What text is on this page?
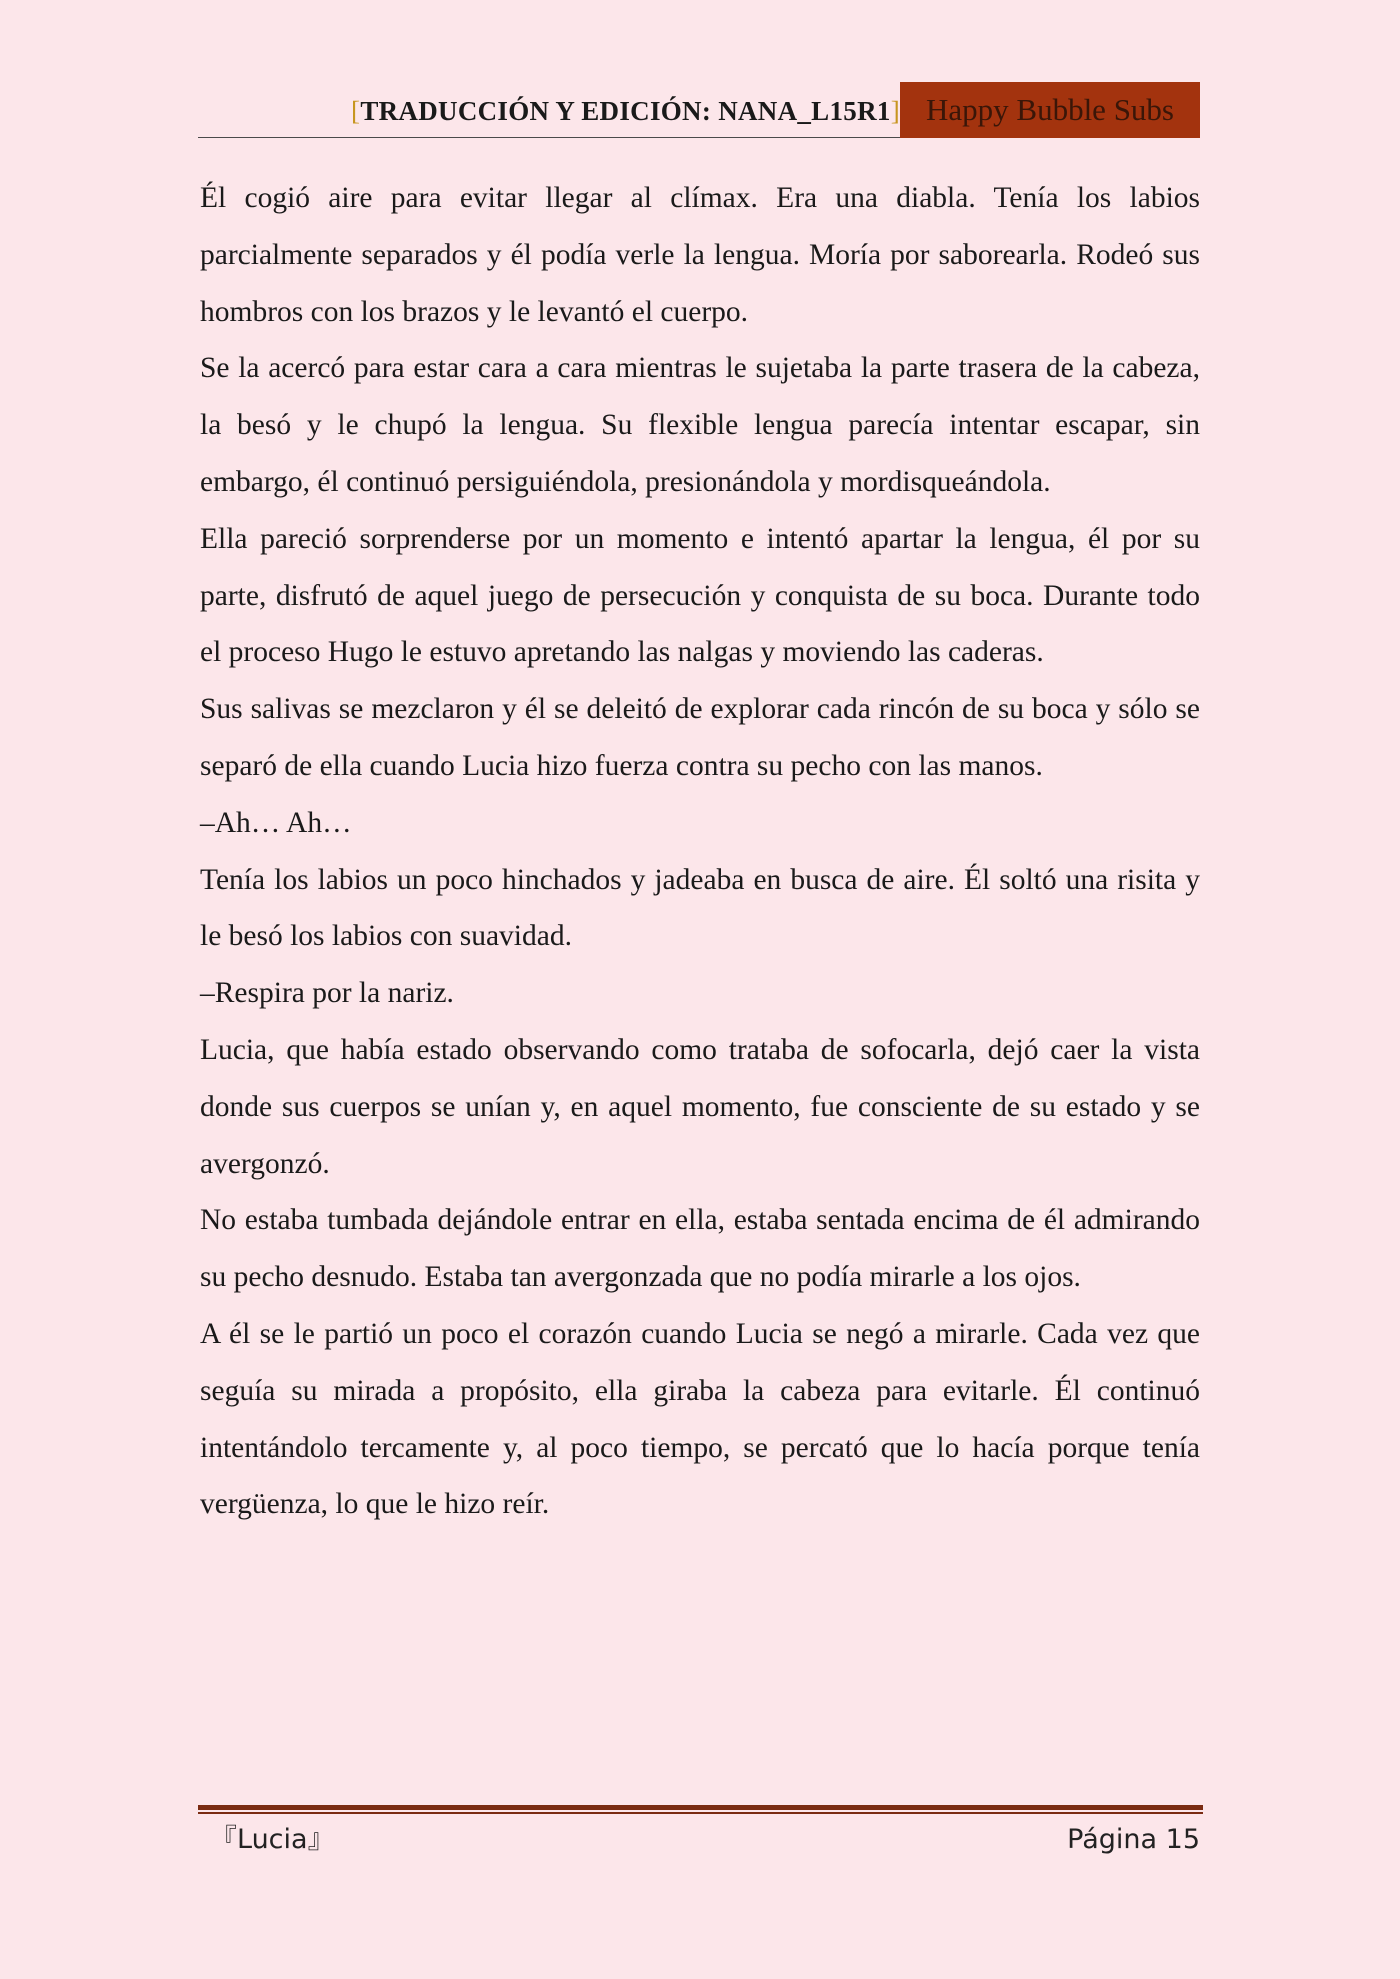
[TRADUCCIÓN Y EDICIÓN: NANA_L15R1] Happy Bubble Subs

Él cogió aire para evitar llegar al clímax. Era una diabla. Tenía los labios parcialmente separados y él podía verle la lengua. Moría por saborearla. Rodeó sus hombros con los brazos y le levantó el cuerpo.

Se la acercó para estar cara a cara mientras le sujetaba la parte trasera de la cabeza, la besó y le chupó la lengua. Su flexible lengua parecía intentar escapar, sin embargo, él continuó persiguiéndola, presionándola y mordisqueándola.

Ella pareció sorprenderse por un momento e intentó apartar la lengua, él por su parte, disfrutó de aquel juego de persecución y conquista de su boca. Durante todo el proceso Hugo le estuvo apretando las nalgas y moviendo las caderas.

Sus salivas se mezclaron y él se deleitó de explorar cada rincón de su boca y sólo se separó de ella cuando Lucia hizo fuerza contra su pecho con las manos.

–Ah… Ah…

Tenía los labios un poco hinchados y jadeaba en busca de aire. Él soltó una risita y le besó los labios con suavidad.

–Respira por la nariz.

Lucia, que había estado observando como trataba de sofocarla, dejó caer la vista donde sus cuerpos se unían y, en aquel momento, fue consciente de su estado y se avergonzó.

No estaba tumbada dejándole entrar en ella, estaba sentada encima de él admirando su pecho desnudo. Estaba tan avergonzada que no podía mirarle a los ojos.

A él se le partió un poco el corazón cuando Lucia se negó a mirarle. Cada vez que seguía su mirada a propósito, ella giraba la cabeza para evitarle. Él continuó intentándolo tercamente y, al poco tiempo, se percató que lo hacía porque tenía vergüenza, lo que le hizo reír.

『Lucia』	Página 15
